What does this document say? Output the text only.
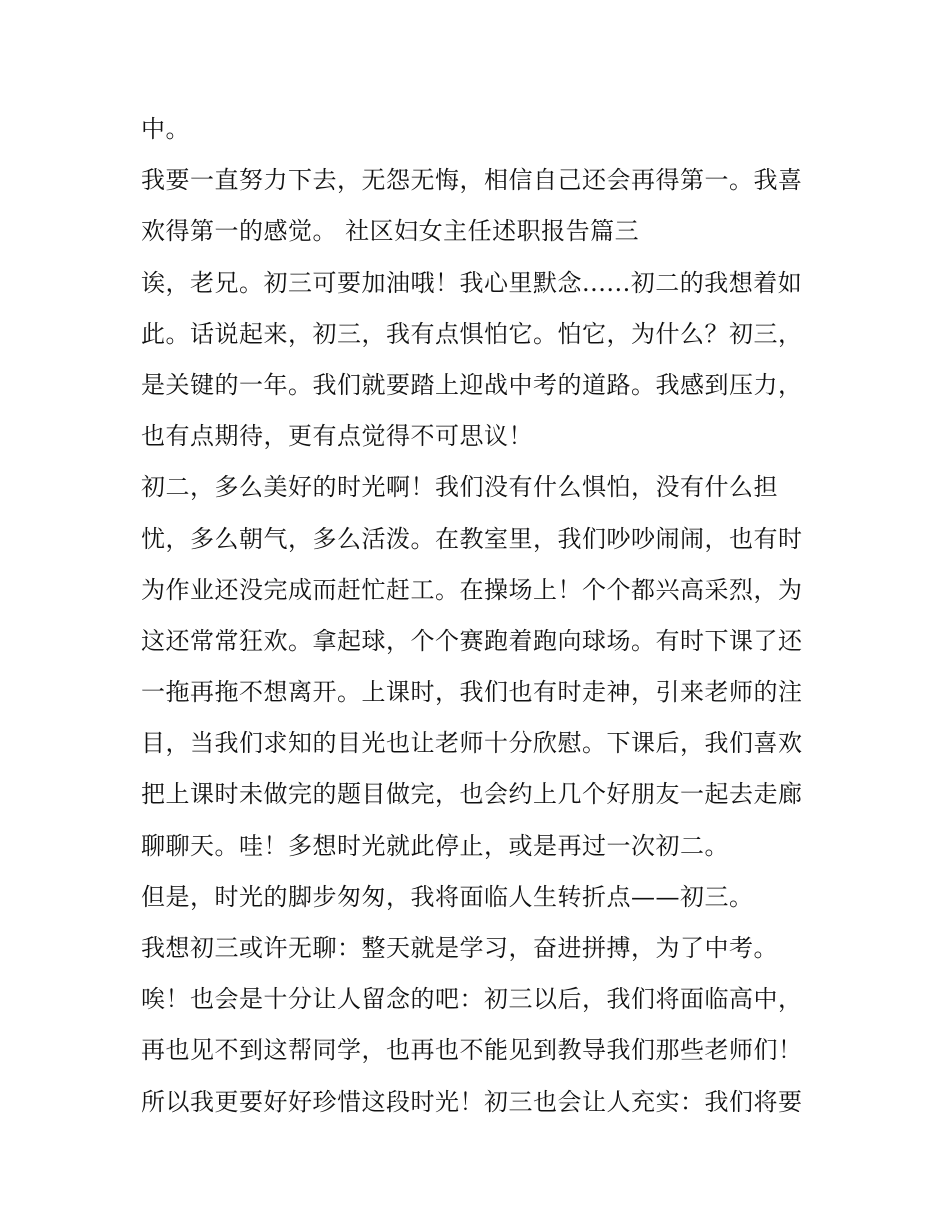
中。
我要一直努力下去，无怨无悔，相信自己还会再得第一。我喜
欢得第一的感觉。 社区妇女主任述职报告篇三
诶，老兄。初三可要加油哦！我心里默念......初二的我想着如
此。话说起来，初三，我有点惧怕它。怕它，为什么？初三，
是关键的一年。我们就要踏上迎战中考的道路。我感到压力，
也有点期待，更有点觉得不可思议！
初二，多么美好的时光啊！我们没有什么惧怕，没有什么担
忧，多么朝气，多么活泼。在教室里，我们吵吵闹闹，也有时
为作业还没完成而赶忙赶工。在操场上！个个都兴高采烈，为
这还常常狂欢。拿起球，个个赛跑着跑向球场。有时下课了还
一拖再拖不想离开。上课时，我们也有时走神，引来老师的注
目，当我们求知的目光也让老师十分欣慰。下课后，我们喜欢
把上课时未做完的题目做完，也会约上几个好朋友一起去走廊
聊聊天。哇！多想时光就此停止，或是再过一次初二。
但是，时光的脚步匆匆，我将面临人生转折点——初三。
我想初三或许无聊：整天就是学习，奋进拼搏，为了中考。
唉！也会是十分让人留念的吧：初三以后，我们将面临高中，
再也见不到这帮同学，也再也不能见到教导我们那些老师们！
所以我更要好好珍惜这段时光！初三也会让人充实：我们将要
